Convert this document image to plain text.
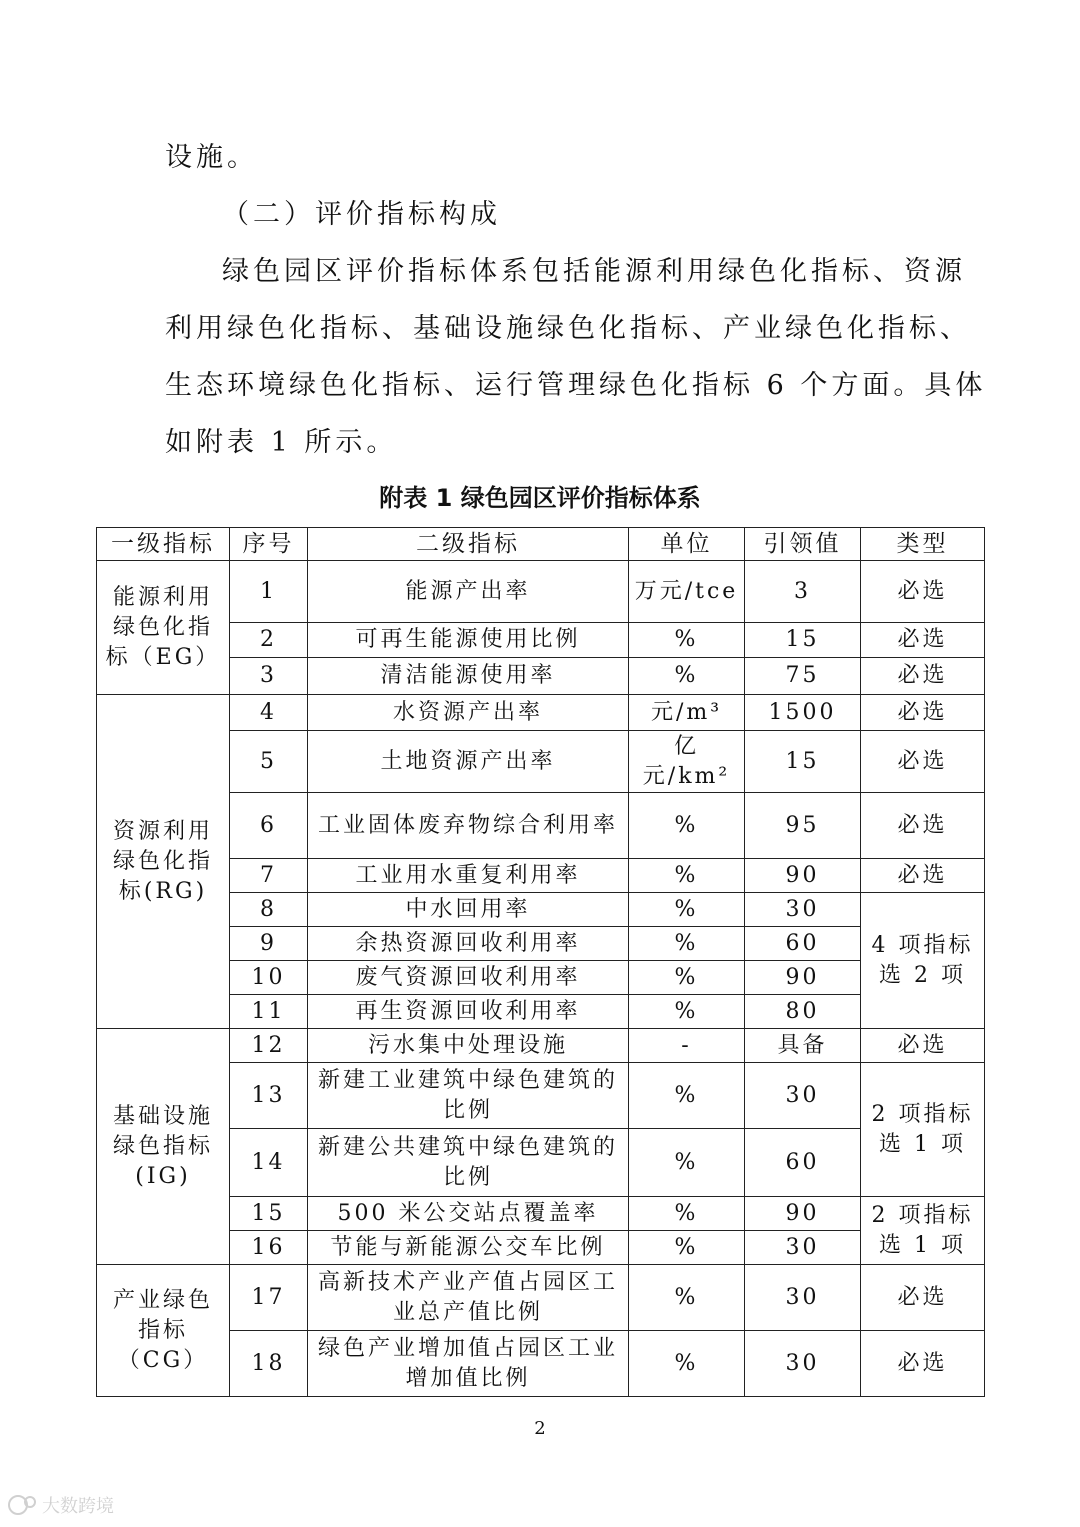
设施。
（二）评价指标构成
绿色园区评价指标体系包括能源利用绿色化指标、资源
利用绿色化指标、基础设施绿色化指标、产业绿色化指标、
生态环境绿色化指标、运行管理绿色化指标 6 个方面。具体
如附表 1 所示。
附表 1 绿色园区评价指标体系
一级指标	序号	二级指标	单位	引领值	类型
能源利用绿色化指标（EG）	1	能源产出率	万元/tce	3	必选
	2	可再生能源使用比例	%	15	必选
	3	清洁能源使用率	%	75	必选
资源利用绿色化指标(RG)	4	水资源产出率	元/m³	1500	必选
	5	土地资源产出率	亿元/km²	15	必选
	6	工业固体废弃物综合利用率	%	95	必选
	7	工业用水重复利用率	%	90	必选
	8	中水回用率	%	30	4 项指标选 2 项
	9	余热资源回收利用率	%	60	
	10	废气资源回收利用率	%	90	
	11	再生资源回收利用率	%	80	
基础设施绿色指标(IG)	12	污水集中处理设施	-	具备	必选
	13	新建工业建筑中绿色建筑的比例	%	30	2 项指标选 1 项
	14	新建公共建筑中绿色建筑的比例	%	60	
	15	500 米公交站点覆盖率	%	90	2 项指标选 1 项
	16	节能与新能源公交车比例	%	30	
产业绿色指标（CG）	17	高新技术产业产值占园区工业总产值比例	%	30	必选
	18	绿色产业增加值占园区工业增加值比例	%	30	必选
2
大数跨境
